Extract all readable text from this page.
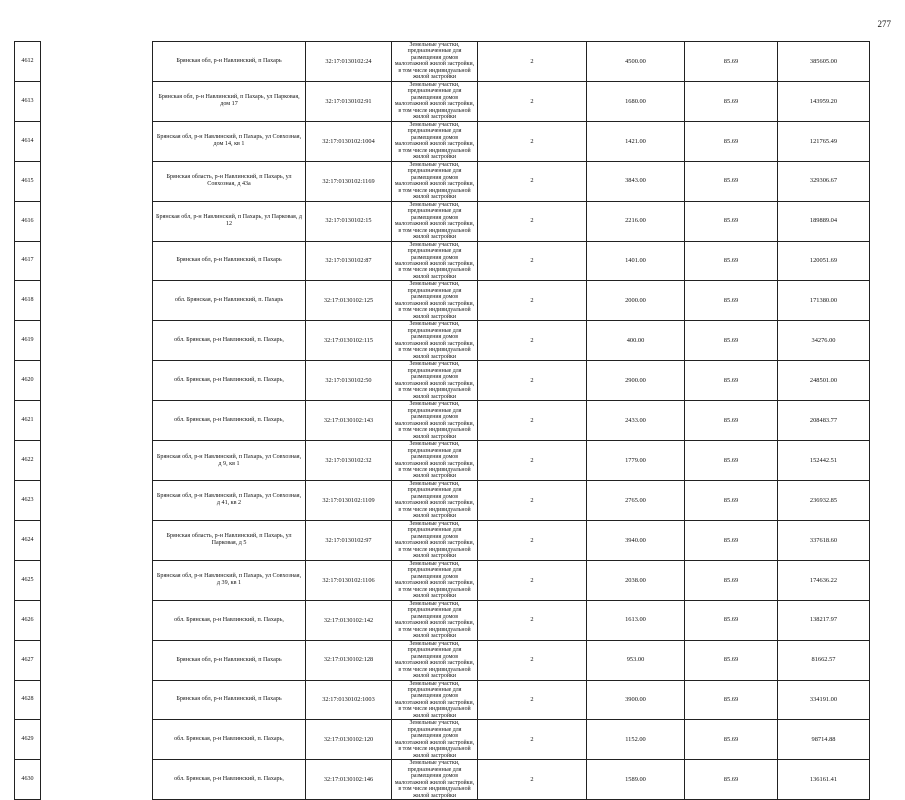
277
4612		Брянская обл, р-н Навлинский, п Пахарь	32:17:0130102:24	Земельные участки, предназначенные для размещения домов малоэтажной жилой застройки, в том числе индивидуальной жилой застройки	2	4500.00	85.69	385605.00
4613		Брянская обл, р-н Навлинский, п Пахарь, ул Парковая, дом 17	32:17:0130102:91	Земельные участки, предназначенные для размещения домов малоэтажной жилой застройки, в том числе индивидуальной жилой застройки	2	1680.00	85.69	143959.20
4614		Брянская обл, р-н Навлинский, п Пахарь, ул Совхозная, дом 14, кв 1	32:17:0130102:1004	Земельные участки, предназначенные для размещения домов малоэтажной жилой застройки, в том числе индивидуальной жилой застройки	2	1421.00	85.69	121765.49
4615		Брянская область, р-н Навлинский, п Пахарь, ул Совхозная, д 43а	32:17:0130102:1169	Земельные участки, предназначенные для размещения домов малоэтажной жилой застройки, в том числе индивидуальной жилой застройки	2	3843.00	85.69	329306.67
4616		Брянская обл, р-н Навлинский, п Пахарь, ул Парковая, д 12	32:17:0130102:15	Земельные участки, предназначенные для размещения домов малоэтажной жилой застройки, в том числе индивидуальной жилой застройки	2	2216.00	85.69	189889.04
4617		Брянская обл, р-н Навлинский, п Пахарь	32:17:0130102:87	Земельные участки, предназначенные для размещения домов малоэтажной жилой застройки, в том числе индивидуальной жилой застройки	2	1401.00	85.69	120051.69
4618		обл. Брянская, р-н Навлинский, п. Пахарь	32:17:0130102:125	Земельные участки, предназначенные для размещения домов малоэтажной жилой застройки, в том числе индивидуальной жилой застройки	2	2000.00	85.69	171380.00
4619		обл. Брянская, р-н Навлинский, п. Пахарь,	32:17:0130102:115	Земельные участки, предназначенные для размещения домов малоэтажной жилой застройки, в том числе индивидуальной жилой застройки	2	400.00	85.69	34276.00
4620		обл. Брянская, р-н Навлинский, п. Пахарь,	32:17:0130102:50	Земельные участки, предназначенные для размещения домов малоэтажной жилой застройки, в том числе индивидуальной жилой застройки	2	2900.00	85.69	248501.00
4621		обл. Брянская, р-н Навлинский, п. Пахарь,	32:17:0130102:143	Земельные участки, предназначенные для размещения домов малоэтажной жилой застройки, в том числе индивидуальной жилой застройки	2	2433.00	85.69	208483.77
4622		Брянская обл, р-н Навлинский, п Пахарь, ул Совхозная, д 9, кв 1	32:17:0130102:32	Земельные участки, предназначенные для размещения домов малоэтажной жилой застройки, в том числе индивидуальной жилой застройки	2	1779.00	85.69	152442.51
4623		Брянская обл, р-н Навлинский, п Пахарь, ул Совхозная, д 41, кв 2	32:17:0130102:1109	Земельные участки, предназначенные для размещения домов малоэтажной жилой застройки, в том числе индивидуальной жилой застройки	2	2765.00	85.69	236932.85
4624		Брянская область, р-н Навлинский, п Пахарь, ул Парковая, д 5	32:17:0130102:97	Земельные участки, предназначенные для размещения домов малоэтажной жилой застройки, в том числе индивидуальной жилой застройки	2	3940.00	85.69	337618.60
4625		Брянская обл, р-н Навлинский, п Пахарь, ул Совхозная, д 39, кв 1	32:17:0130102:1106	Земельные участки, предназначенные для размещения домов малоэтажной жилой застройки, в том числе индивидуальной жилой застройки	2	2038.00	85.69	174636.22
4626		обл. Брянская, р-н Навлинский, п. Пахарь,	32:17:0130102:142	Земельные участки, предназначенные для размещения домов малоэтажной жилой застройки, в том числе индивидуальной жилой застройки	2	1613.00	85.69	138217.97
4627		Брянская обл, р-н Навлинский, п Пахарь	32:17:0130102:128	Земельные участки, предназначенные для размещения домов малоэтажной жилой застройки, в том числе индивидуальной жилой застройки	2	953.00	85.69	81662.57
4628		Брянская обл, р-н Навлинский, п Пахарь	32:17:0130102:1003	Земельные участки, предназначенные для размещения домов малоэтажной жилой застройки, в том числе индивидуальной жилой застройки	2	3900.00	85.69	334191.00
4629		обл. Брянская, р-н Навлинский, п. Пахарь,	32:17:0130102:120	Земельные участки, предназначенные для размещения домов малоэтажной жилой застройки, в том числе индивидуальной жилой застройки	2	1152.00	85.69	98714.88
4630		обл. Брянская, р-н Навлинский, п. Пахарь,	32:17:0130102:146	Земельные участки, предназначенные для размещения домов малоэтажной жилой застройки, в том числе индивидуальной жилой застройки	2	1589.00	85.69	136161.41
